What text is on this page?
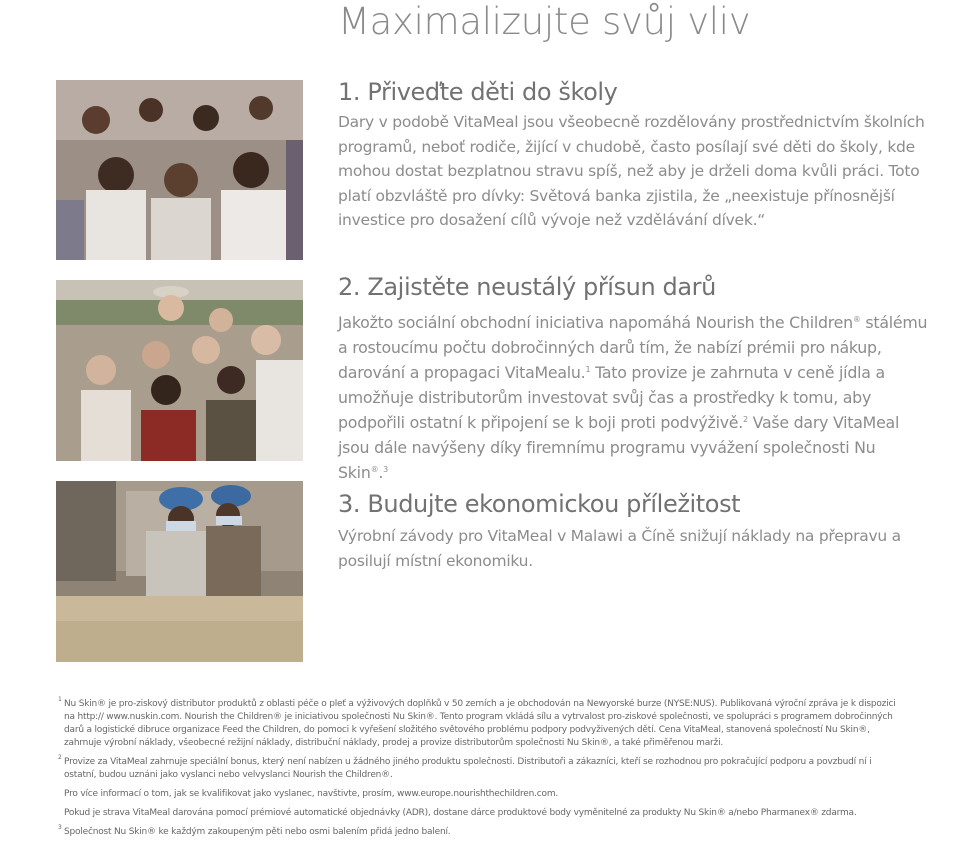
Maximalizujte svůj vliv
1. Přiveďte děti do školy

Dary v podobě VitaMeal jsou všeobecně rozdělovány prostřednictvím školních programů, neboť rodiče, žijící v chudobě, často posílají své děti do školy, kde mohou dostat bezplatnou stravu spíš, než aby je drželi doma kvůli práci. Toto platí obzvláště pro dívky: Světová banka zjistila, že „neexistuje přínosnější investice pro dosažení cílů vývoje než vzdělávání dívek.“

2. Zajistěte neustálý přísun darů

Jakožto sociální obchodní iniciativa napomáhá Nourish the Children® stálému a rostoucímu počtu dobročinných darů tím, že nabízí prémii pro nákup, darování a propagaci VitaMealu.$^1$ Tato provize je zahrnuta v ceně jídla a umožňuje distributorům investovat svůj čas a prostředky k tomu, aby podpořili ostatní k připojení se k boji proti podvýživě.$^2$ Vaše dary VitaMeal jsou dále navýšeny díky firemnímu programu vyvážení společnosti Nu Skin®.$^3$

3. Budujte ekonomickou příležitost

Výrobní závody pro VitaMeal v Malawi a Číně snižují náklady na přepravu a posilují místní ekonomiku.

1 Nu Skin® je pro-ziskový distributor produktů z oblasti péče o pleť a výživových doplňků v 50 zemích a je obchodován na Newyorské burze (NYSE:NUS). Publikovaná výroční zpráva je k dispozici na http:// www.nuskin.com. Nourish the Children® je iniciativou společnosti Nu Skin®. Tento program vkládá sílu a vytrvalost pro-ziskové společnosti, ve spolupráci s programem dobročinných darů a logistické dibruce organizace Feed the Children, do pomoci k vyřešení složitého světového problému podpory podvyživených dětí. Cena VitaMeal, stanovená společností Nu Skin®, zahrnuje výrobní náklady, všeobecné režijní náklady, distribuční náklady, prodej a provize distributorům společnosti Nu Skin®, a také přiměřenou marži.
2 Provize za VitaMeal zahrnuje speciální bonus, který není nabízen u žádného jiného produktu společnosti. Distributoři a zákazníci, kteří se rozhodnou pro pokračující podporu a povzbudí ní i ostatní, budou uznáni jako vyslanci nebo velvyslanci Nourish the Children®.
Pro více informací o tom, jak se kvalifikovat jako vyslanec, navštivte, prosím, www.europe.nourishthechildren.com.
Pokud je strava VitaMeal darována pomocí prémiové automatické objednávky (ADR), dostane dárce produktové body vyměnitelné za produkty Nu Skin® a/nebo Pharmanex® zdarma.
3 Společnost Nu Skin® ke každým zakoupeným pěti nebo osmi balením přidá jedno balení.
